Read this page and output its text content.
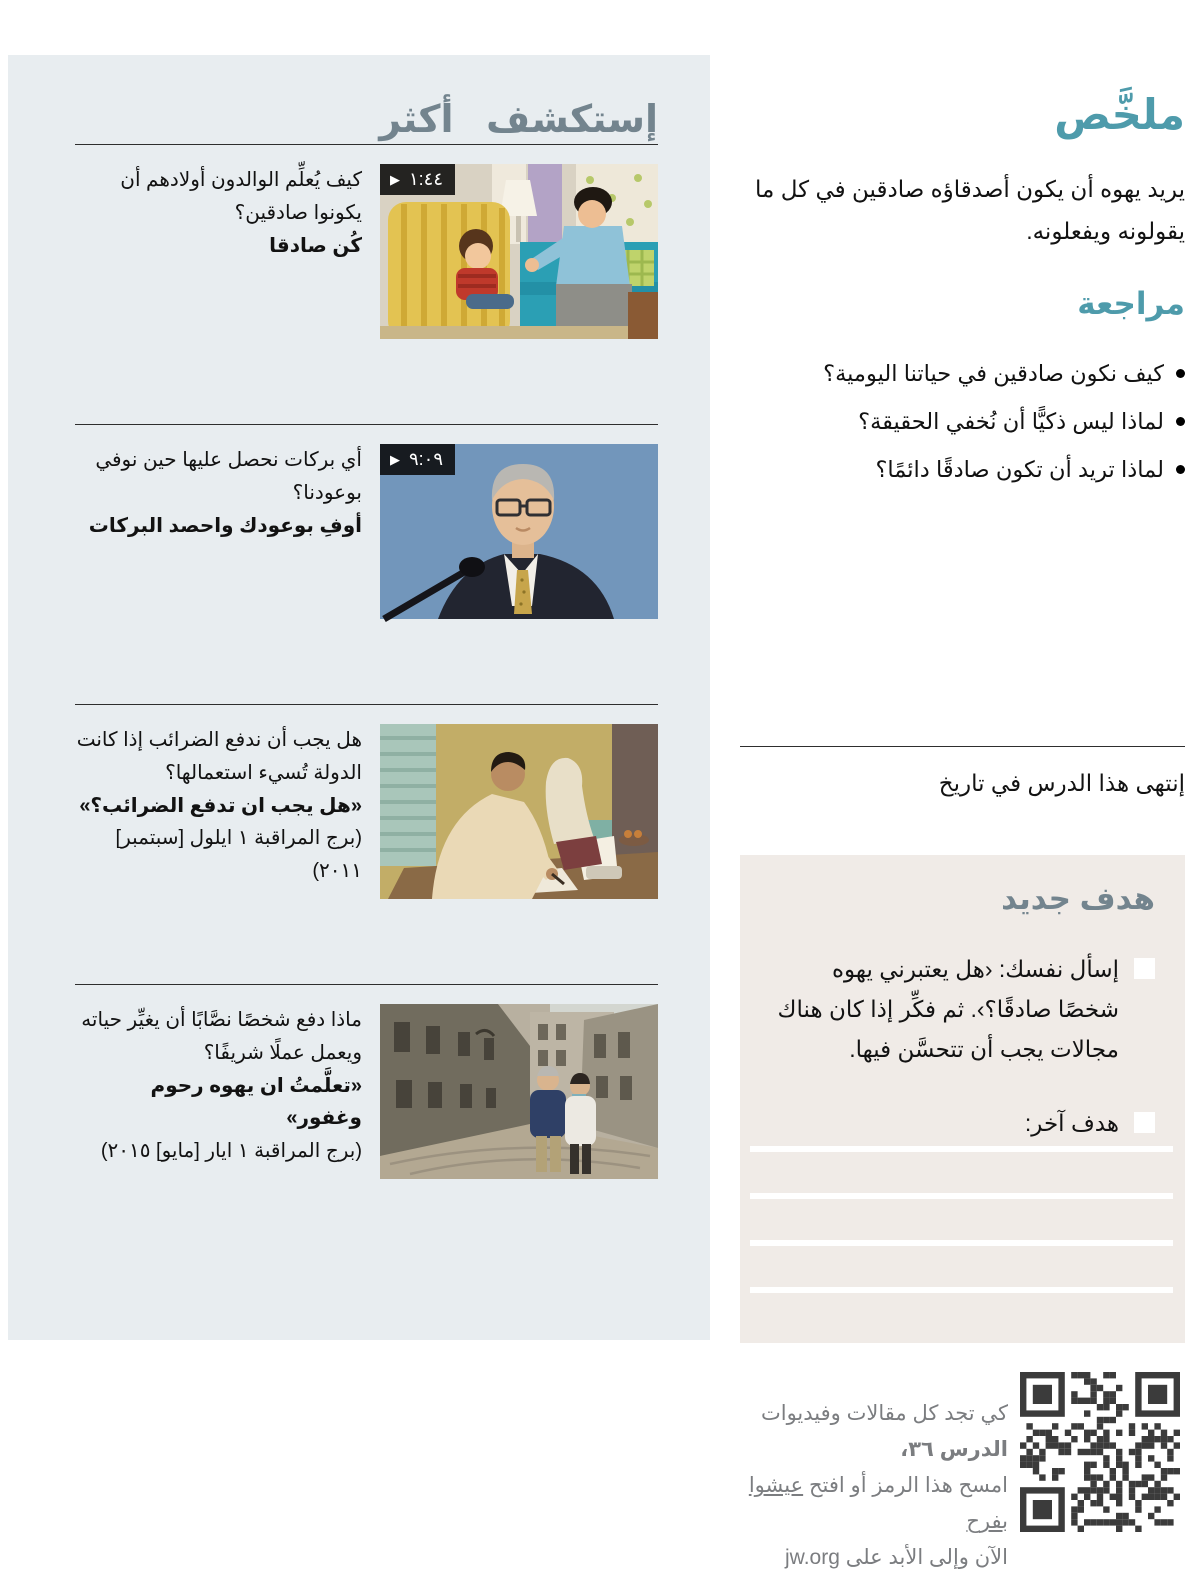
إستكشف أكثر
▶ ١:٤٤
كيف يُعلِّم الوالدون أولادهم أن يكونوا صادقين؟
كُن صادقا
▶ ٩:٠٩
أي بركات نحصل عليها حين نوفي بوعودنا؟
أوفِ بوعودك واحصد البركات
هل يجب أن ندفع الضرائب إذا كانت الدولة تُسيء استعمالها؟
«هل يجب ان تدفع الضرائب؟»
(برج المراقبة ١ ايلول [سبتمبر] ٢٠١١)
ماذا دفع شخصًا نصَّابًا أن يغيِّر حياته ويعمل عملًا شريفًا؟
«تعلَّمتُ ان يهوه رحوم وغفور»
(برج المراقبة ١ ايار [مايو] ٢٠١٥)
ملخَّص
يريد يهوه أن يكون أصدقاؤه صادقين في كل ما يقولونه ويفعلونه.
مراجعة
كيف نكون صادقين في حياتنا اليومية؟
لماذا ليس ذكيًّا أن نُخفي الحقيقة؟
لماذا تريد أن تكون صادقًا دائمًا؟
إنتهى هذا الدرس في تاريخ
هدف جديد
إسأل نفسك: ‹هل يعتبرني يهوه شخصًا صادقًا؟›. ثم فكِّر إذا كان هناك مجالات يجب أن تتحسَّن فيها.
هدف آخر:
كي تجد كل مقالات وفيديوات الدرس ٣٦،
امسح هذا الرمز أو افتح عيشوا بفرح
الآن وإلى الأبد على jw.org
